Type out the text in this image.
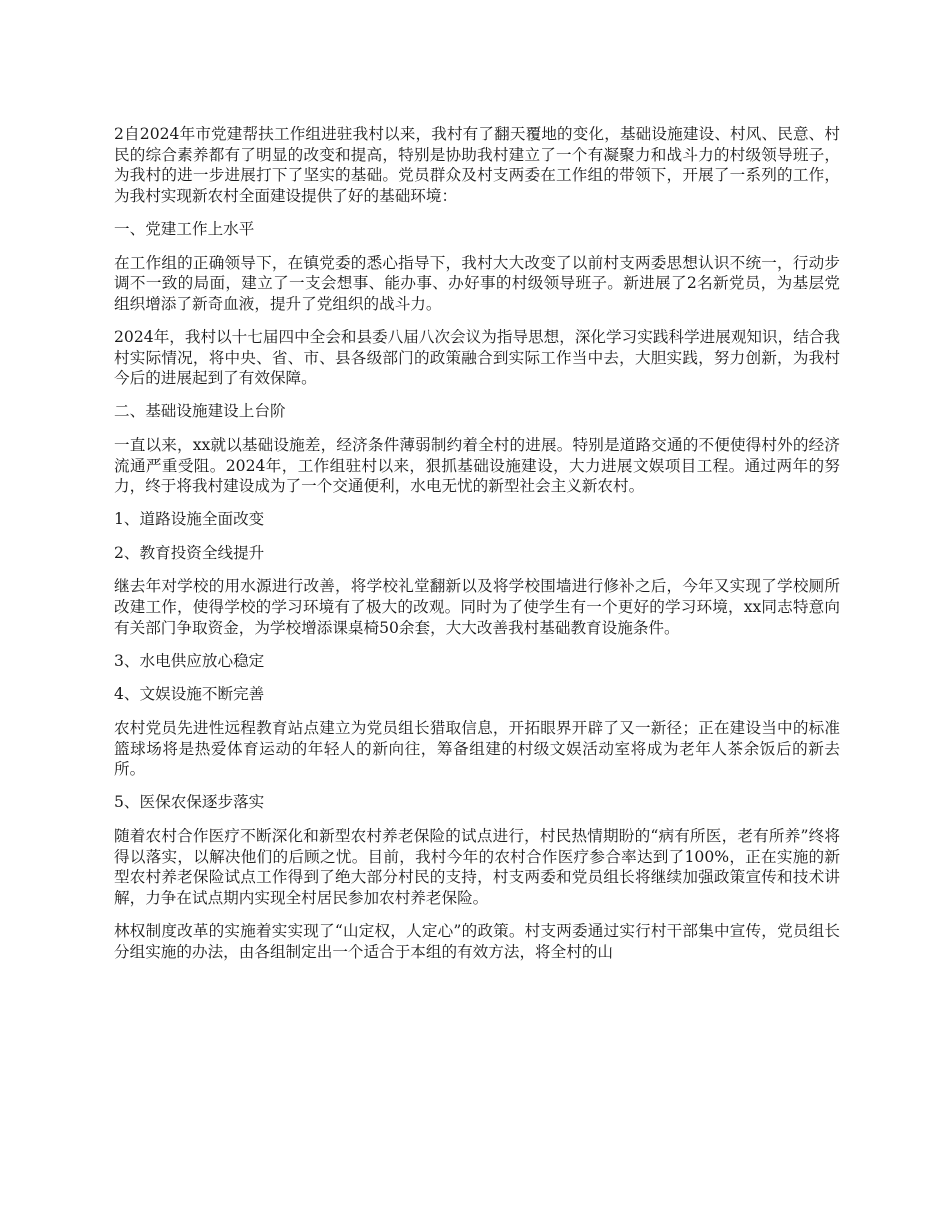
2自2024年市党建帮扶工作组进驻我村以来，我村有了翻天覆地的变化，基础设施建设、村风、民意、村民的综合素养都有了明显的改变和提高，特别是协助我村建立了一个有凝聚力和战斗力的村级领导班子，为我村的进一步进展打下了坚实的基础。党员群众及村支两委在工作组的带领下，开展了一系列的工作，为我村实现新农村全面建设提供了好的基础环境：

一、党建工作上水平

在工作组的正确领导下，在镇党委的悉心指导下，我村大大改变了以前村支两委思想认识不统一，行动步调不一致的局面，建立了一支会想事、能办事、办好事的村级领导班子。新进展了2名新党员，为基层党组织增添了新奇血液，提升了党组织的战斗力。

2024年，我村以十七届四中全会和县委八届八次会议为指导思想，深化学习实践科学进展观知识，结合我村实际情况，将中央、省、市、县各级部门的政策融合到实际工作当中去，大胆实践，努力创新，为我村今后的进展起到了有效保障。

二、基础设施建设上台阶

一直以来，xx就以基础设施差，经济条件薄弱制约着全村的进展。特别是道路交通的不便使得村外的经济流通严重受阻。2024年，工作组驻村以来，狠抓基础设施建设，大力进展文娱项目工程。通过两年的努力，终于将我村建设成为了一个交通便利，水电无忧的新型社会主义新农村。

1、道路设施全面改变

2、教育投资全线提升

继去年对学校的用水源进行改善，将学校礼堂翻新以及将学校围墙进行修补之后，今年又实现了学校厕所改建工作，使得学校的学习环境有了极大的改观。同时为了使学生有一个更好的学习环境，xx同志特意向有关部门争取资金，为学校增添课桌椅50余套，大大改善我村基础教育设施条件。

3、水电供应放心稳定

4、文娱设施不断完善

农村党员先进性远程教育站点建立为党员组长猎取信息，开拓眼界开辟了又一新径；正在建设当中的标准篮球场将是热爱体育运动的年轻人的新向往，筹备组建的村级文娱活动室将成为老年人茶余饭后的新去所。

5、医保农保逐步落实

随着农村合作医疗不断深化和新型农村养老保险的试点进行，村民热情期盼的“病有所医，老有所养”终将得以落实，以解决他们的后顾之忧。目前，我村今年的农村合作医疗参合率达到了100%，正在实施的新型农村养老保险试点工作得到了绝大部分村民的支持，村支两委和党员组长将继续加强政策宣传和技术讲解，力争在试点期内实现全村居民参加农村养老保险。

林权制度改革的实施着实实现了“山定权，人定心”的政策。村支两委通过实行村干部集中宣传，党员组长分组实施的办法，由各组制定出一个适合于本组的有效方法，将全村的山
